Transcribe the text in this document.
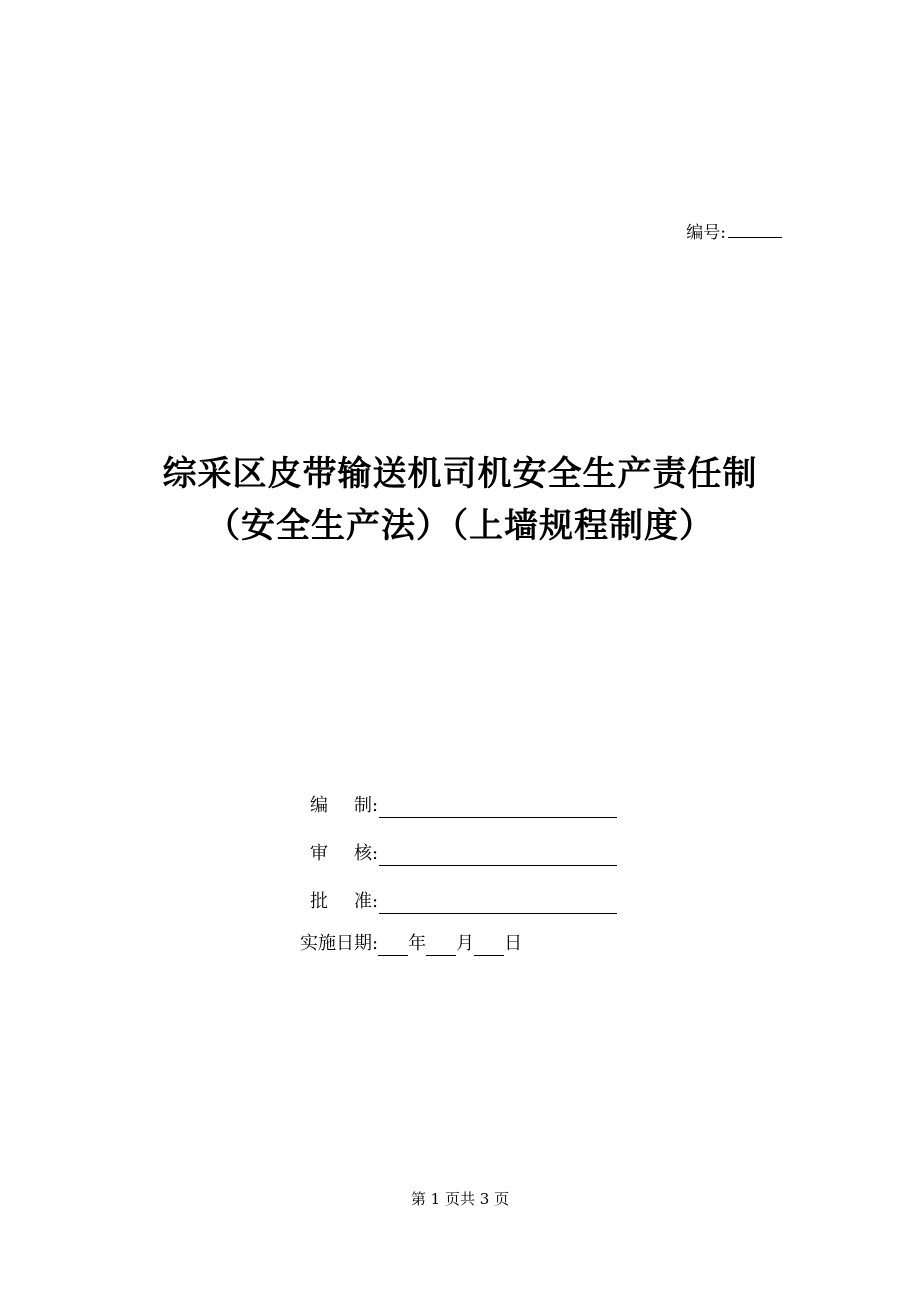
编号:
综采区皮带输送机司机安全生产责任制
（安全生产法）（上墙规程制度）
编 制 :
审 核 :
批 准 :
实施日期: 年 月 日
第 1 页共 3 页
